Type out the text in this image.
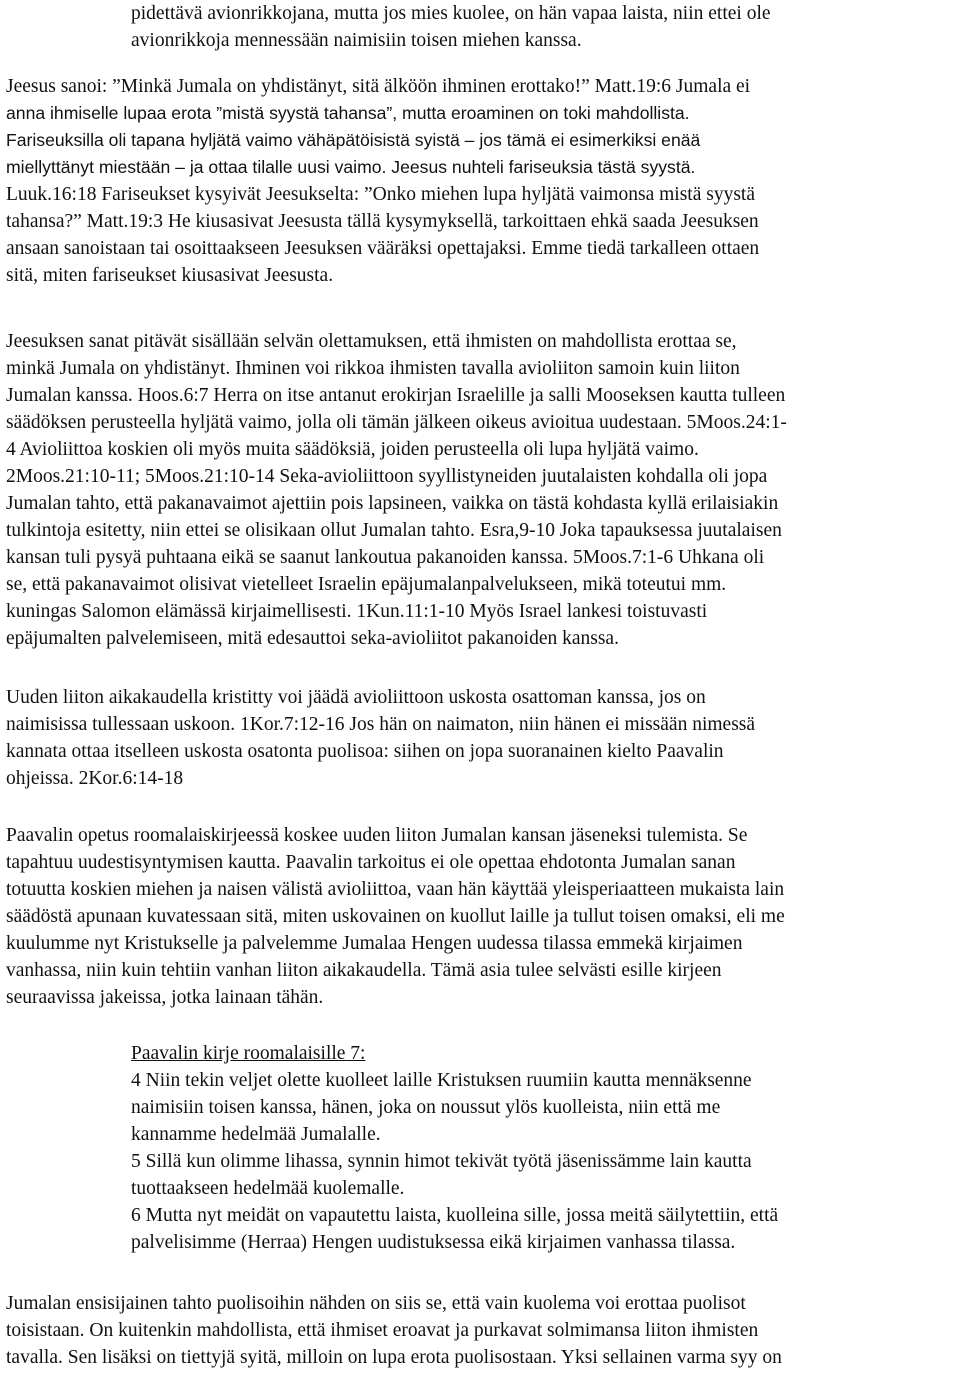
pidettävä avionrikkojana, mutta jos mies kuolee, on hän vapaa laista, niin ettei ole
avionrikkoja mennessään naimisiin toisen miehen kanssa.
Jeesus sanoi: ”Minkä Jumala on yhdistänyt, sitä älköön ihminen erottako!” Matt.19:6 Jumala ei
anna ihmiselle lupaa erota ”mistä syystä tahansa”, mutta eroaminen on toki mahdollista.
Fariseuksilla oli tapana hyljätä vaimo vähäpätöisistä syistä – jos tämä ei esimerkiksi enää
miellyttänyt miestään – ja ottaa tilalle uusi vaimo. Jeesus nuhteli fariseuksia tästä syystä.
Luuk.16:18 Fariseukset kysyivät Jeesukselta: ”Onko miehen lupa hyljätä vaimonsa mistä syystä
tahansa?” Matt.19:3 He kiusasivat Jeesusta tällä kysymyksellä, tarkoittaen ehkä saada Jeesuksen
ansaan sanoistaan tai osoittaakseen Jeesuksen vääräksi opettajaksi. Emme tiedä tarkalleen ottaen
sitä, miten fariseukset kiusasivat Jeesusta.
Jeesuksen sanat pitävät sisällään selvän olettamuksen, että ihmisten on mahdollista erottaa se,
minkä Jumala on yhdistänyt. Ihminen voi rikkoa ihmisten tavalla avioliiton samoin kuin liiton
Jumalan kanssa. Hoos.6:7 Herra on itse antanut erokirjan Israelille ja salli Mooseksen kautta tulleen
säädöksen perusteella hyljätä vaimo, jolla oli tämän jälkeen oikeus avioitua uudestaan. 5Moos.24:1-
4 Avioliittoa koskien oli myös muita säädöksiä, joiden perusteella oli lupa hyljätä vaimo.
2Moos.21:10-11; 5Moos.21:10-14 Seka-avioliittoon syyllistyneiden juutalaisten kohdalla oli jopa
Jumalan tahto, että pakanavaimot ajettiin pois lapsineen, vaikka on tästä kohdasta kyllä erilaisiakin
tulkintoja esitetty, niin ettei se olisikaan ollut Jumalan tahto. Esra,9-10 Joka tapauksessa juutalaisen
kansan tuli pysyä puhtaana eikä se saanut lankoutua pakanoiden kanssa. 5Moos.7:1-6 Uhkana oli
se, että pakanavaimot olisivat vietelleet Israelin epäjumalanpalvelukseen, mikä toteutui mm.
kuningas Salomon elämässä kirjaimellisesti. 1Kun.11:1-10 Myös Israel lankesi toistuvasti
epäjumalten palvelemiseen, mitä edesauttoi seka-avioliitot pakanoiden kanssa.
Uuden liiton aikakaudella kristitty voi jäädä avioliittoon uskosta osattoman kanssa, jos on
naimisissa tullessaan uskoon. 1Kor.7:12-16 Jos hän on naimaton, niin hänen ei missään nimessä
kannata ottaa itselleen uskosta osatonta puolisoa: siihen on jopa suoranainen kielto Paavalin
ohjeissa. 2Kor.6:14-18
Paavalin opetus roomalaiskirjeessä koskee uuden liiton Jumalan kansan jäseneksi tulemista. Se
tapahtuu uudestisyntymisen kautta. Paavalin tarkoitus ei ole opettaa ehdotonta Jumalan sanan
totuutta koskien miehen ja naisen välistä avioliittoa, vaan hän käyttää yleisperiaatteen mukaista lain
säädöstä apunaan kuvatessaan sitä, miten uskovainen on kuollut laille ja tullut toisen omaksi, eli me
kuulumme nyt Kristukselle ja palvelemme Jumalaa Hengen uudessa tilassa emmekä kirjaimen
vanhassa, niin kuin tehtiin vanhan liiton aikakaudella. Tämä asia tulee selvästi esille kirjeen
seuraavissa jakeissa, jotka lainaan tähän.
Paavalin kirje roomalaisille 7:
4 Niin tekin veljet olette kuolleet laille Kristuksen ruumiin kautta mennäksenne
naimisiin toisen kanssa, hänen, joka on noussut ylös kuolleista, niin että me
kannamme hedelmää Jumalalle.
5 Sillä kun olimme lihassa, synnin himot tekivät työtä jäsenissämme lain kautta
tuottaakseen hedelmää kuolemalle.
6 Mutta nyt meidät on vapautettu laista, kuolleina sille, jossa meitä säilytettiin, että
palvelisimme (Herraa) Hengen uudistuksessa eikä kirjaimen vanhassa tilassa.
Jumalan ensisijainen tahto puolisoihin nähden on siis se, että vain kuolema voi erottaa puolisot
toisistaan. On kuitenkin mahdollista, että ihmiset eroavat ja purkavat solmimansa liiton ihmisten
tavalla. Sen lisäksi on tiettyjä syitä, milloin on lupa erota puolisostaan. Yksi sellainen varma syy on
